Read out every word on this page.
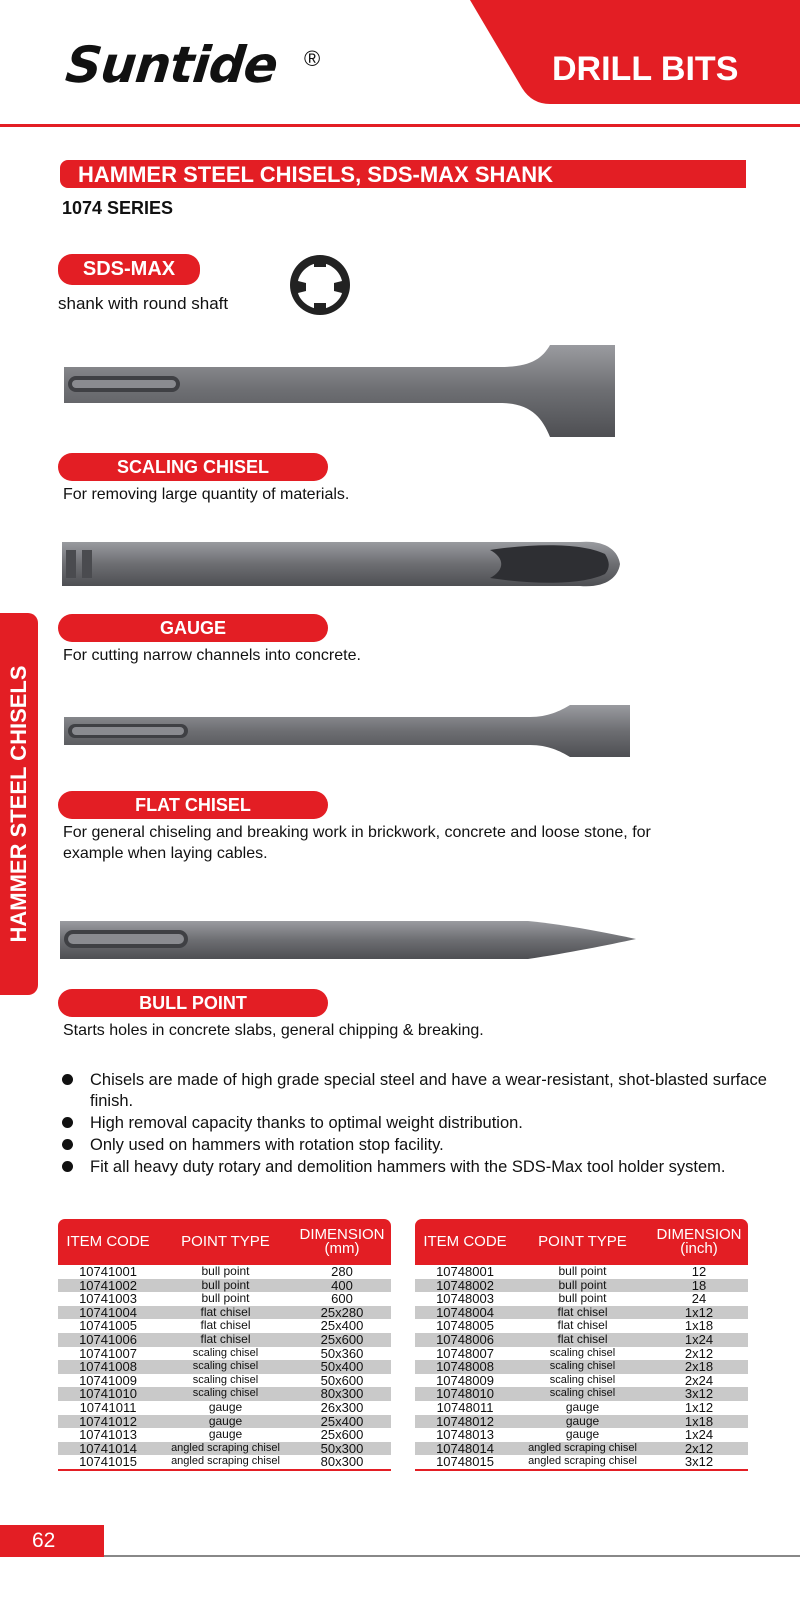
Suntide ®	DRILL BITS
HAMMER STEEL CHISELS, SDS-MAX SHANK
1074 SERIES
SDS-MAX
shank with round shaft
SCALING CHISEL
For removing large quantity of materials.
GAUGE
For cutting narrow channels into concrete.
FLAT CHISEL
For general chiseling and breaking work in brickwork, concrete and loose stone, for example when laying cables.
BULL POINT
Starts holes in concrete slabs, general chipping & breaking.
HAMMER STEEL CHISELS
Chisels are made of high grade special steel and have a wear-resistant, shot-blasted surface finish.
High removal capacity thanks to optimal weight distribution.
Only used on hammers with rotation stop facility.
Fit all heavy duty rotary and demolition hammers with the SDS-Max tool holder system.
ITEM CODE	POINT TYPE	DIMENSION
(mm)
10741001	bull point	280
10741002	bull point	400
10741003	bull point	600
10741004	flat chisel	25x280
10741005	flat chisel	25x400
10741006	flat chisel	25x600
10741007	scaling chisel	50x360
10741008	scaling chisel	50x400
10741009	scaling chisel	50x600
10741010	scaling chisel	80x300
10741011	gauge	26x300
10741012	gauge	25x400
10741013	gauge	25x600
10741014	angled scraping chisel	50x300
10741015	angled scraping chisel	80x300
ITEM CODE	POINT TYPE	DIMENSION
(inch)
10748001	bull point	12
10748002	bull point	18
10748003	bull point	24
10748004	flat chisel	1x12
10748005	flat chisel	1x18
10748006	flat chisel	1x24
10748007	scaling chisel	2x12
10748008	scaling chisel	2x18
10748009	scaling chisel	2x24
10748010	scaling chisel	3x12
10748011	gauge	1x12
10748012	gauge	1x18
10748013	gauge	1x24
10748014	angled scraping chisel	2x12
10748015	angled scraping chisel	3x12
62
